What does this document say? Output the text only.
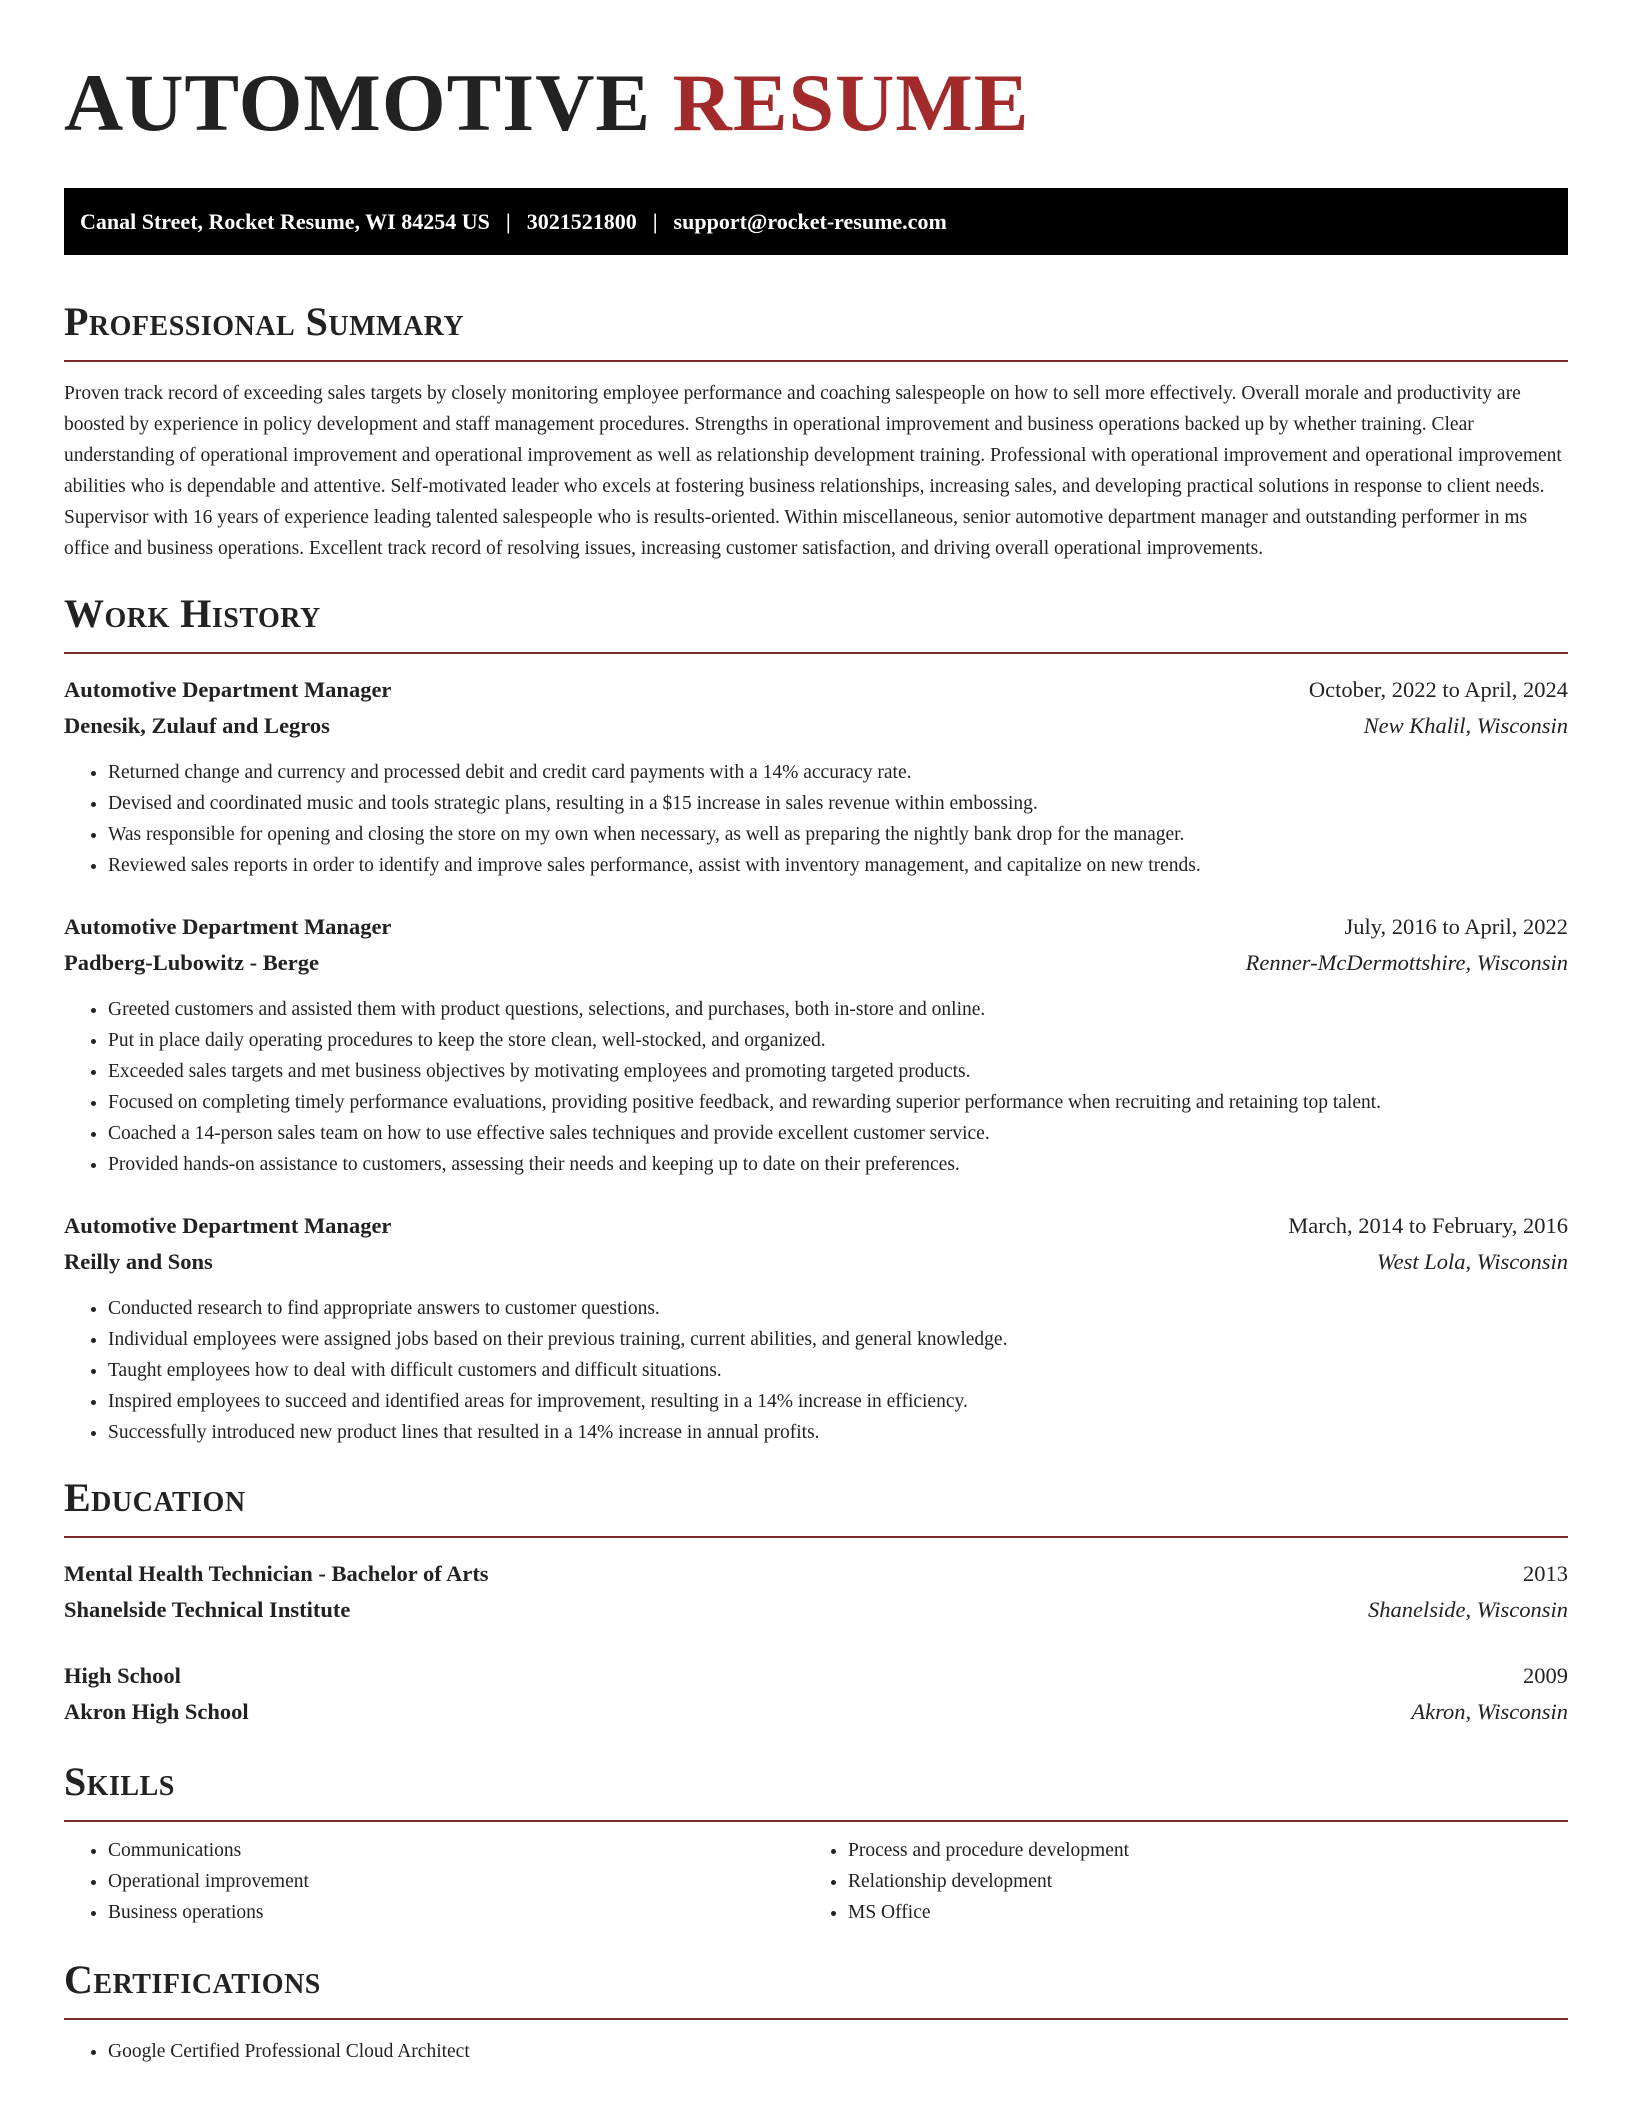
AUTOMOTIVE RESUME
Canal Street, Rocket Resume, WI 84254 US | 3021521800 | support@rocket-resume.com
Professional Summary

Proven track record of exceeding sales targets by closely monitoring employee performance and coaching salespeople on how to sell more effectively. Overall morale and productivity are boosted by experience in policy development and staff management procedures. Strengths in operational improvement and business operations backed up by whether training. Clear understanding of operational improvement and operational improvement as well as relationship development training. Professional with operational improvement and operational improvement abilities who is dependable and attentive. Self-motivated leader who excels at fostering business relationships, increasing sales, and developing practical solutions in response to client needs. Supervisor with 16 years of experience leading talented salespeople who is results-oriented. Within miscellaneous, senior automotive department manager and outstanding performer in ms office and business operations. Excellent track record of resolving issues, increasing customer satisfaction, and driving overall operational improvements.

Work History
Automotive Department Manager	October, 2022 to April, 2024
Denesik, Zulauf and Legros	New Khalil, Wisconsin
• Returned change and currency and processed debit and credit card payments with a 14% accuracy rate.
• Devised and coordinated music and tools strategic plans, resulting in a $15 increase in sales revenue within embossing.
• Was responsible for opening and closing the store on my own when necessary, as well as preparing the nightly bank drop for the manager.
• Reviewed sales reports in order to identify and improve sales performance, assist with inventory management, and capitalize on new trends.
Automotive Department Manager	July, 2016 to April, 2022
Padberg-Lubowitz - Berge	Renner-McDermottshire, Wisconsin
• Greeted customers and assisted them with product questions, selections, and purchases, both in-store and online.
• Put in place daily operating procedures to keep the store clean, well-stocked, and organized.
• Exceeded sales targets and met business objectives by motivating employees and promoting targeted products.
• Focused on completing timely performance evaluations, providing positive feedback, and rewarding superior performance when recruiting and retaining top talent.
• Coached a 14-person sales team on how to use effective sales techniques and provide excellent customer service.
• Provided hands-on assistance to customers, assessing their needs and keeping up to date on their preferences.
Automotive Department Manager	March, 2014 to February, 2016
Reilly and Sons	West Lola, Wisconsin
• Conducted research to find appropriate answers to customer questions.
• Individual employees were assigned jobs based on their previous training, current abilities, and general knowledge.
• Taught employees how to deal with difficult customers and difficult situations.
• Inspired employees to succeed and identified areas for improvement, resulting in a 14% increase in efficiency.
• Successfully introduced new product lines that resulted in a 14% increase in annual profits.
Education
Mental Health Technician - Bachelor of Arts	2013
Shanelside Technical Institute	Shanelside, Wisconsin
High School	2009
Akron High School	Akron, Wisconsin
Skills
• Communications
• Operational improvement
• Business operations
• Process and procedure development
• Relationship development
• MS Office
Certifications
• Google Certified Professional Cloud Architect
